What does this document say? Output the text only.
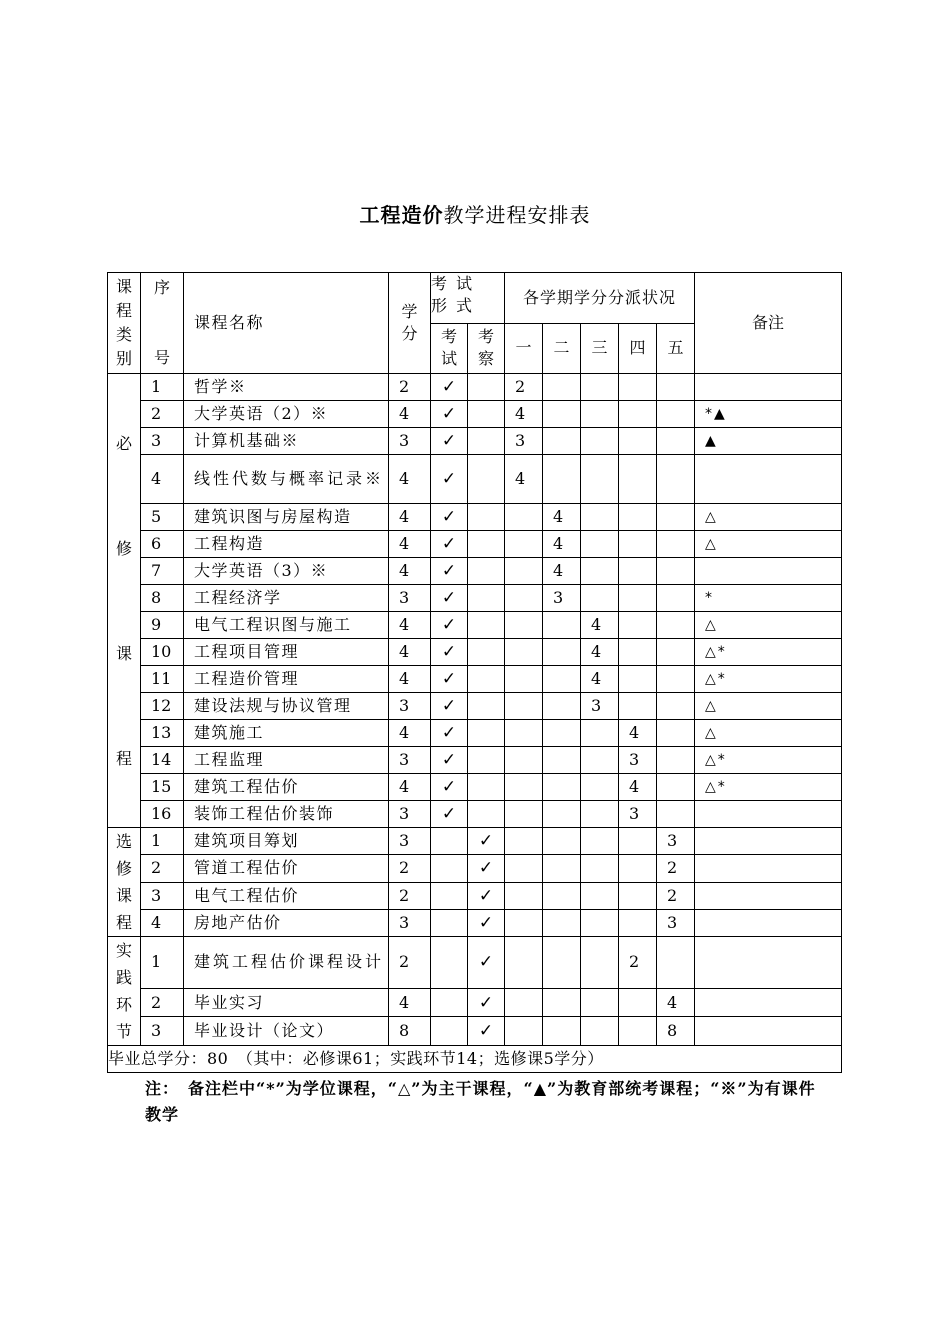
工程造价教学进程安排表
课程类别	序
号	课程名称	学分	考试形式		各学期学分分派状况					备注
				考试	考察	一	二	三	四	五	

必
修
课
程	1	哲学※	2	✓		2					
	2	大学英语（2）※	4	✓		4					*▲
	3	计算机基础※	3	✓		3					▲
	4	线性代数与概率记录※	4	✓		4					
	5	建筑识图与房屋构造	4	✓			4				△
	6	工程构造	4	✓			4				△
	7	大学英语（3）※	4	✓			4				
	8	工程经济学	3	✓			3				*
	9	电气工程识图与施工	4	✓				4			△
	10	工程项目管理	4	✓				4			△*
	11	工程造价管理	4	✓				4			△*
	12	建设法规与协议管理	3	✓				3			△
	13	建筑施工	4	✓					4		△
	14	工程监理	3	✓					3		△*
	15	建筑工程估价	4	✓					4		△*
	16	装饰工程估价装饰	3	✓					3		

选
修
课
程	1	建筑项目筹划	3		✓					3	
	2	管道工程估价	2		✓					2	
	3	电气工程估价	2		✓					2	
	4	房地产估价	3		✓					3	

实
践
环
节	1	建筑工程估价课程设计	2		✓				2		
	2	毕业实习	4		✓					4	
	3	毕业设计（论文）	8		✓					8	
毕业总学分：80　（其中：必修课61；实践环节14；选修课5学分）											
注：　备注栏中“*”为学位课程，“△”为主干课程，“▲”为教育部统考课程；“※”为有课件教学
